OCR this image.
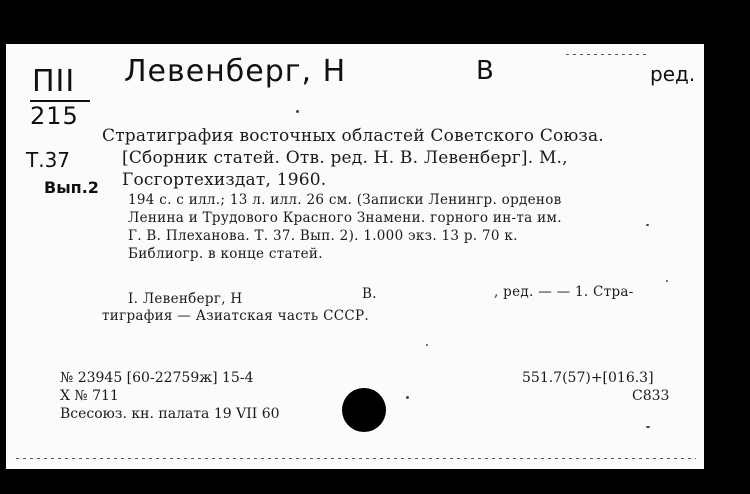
ПII
215
Левенберг, Н	В	ред.
Т.37
Вып.2
Стратиграфия восточных областей Советского Союза.
[Сборник статей. Отв. ред. Н. В. Левенберг]. М.,
Госгортехиздат, 1960.
194 с. с илл.; 13 л. илл. 26 см. (Записки Ленингр. орденов
Ленина и Трудового Красного Знамени. горного ин-та им.
Г. В. Плеханова. Т. 37. Вып. 2). 1.000 экз. 13 р. 70 к.
Библиогр. в конце статей.
I. Левенберг, Н	В.	, ред. — — 1. Стра-
тиграфия — Азиатская часть СССР.
№ 23945 [60-22759ж] 15-4
X № 711
Всесоюз. кн. палата 19 VII 60
551.7(57)+[016.3]
С833
